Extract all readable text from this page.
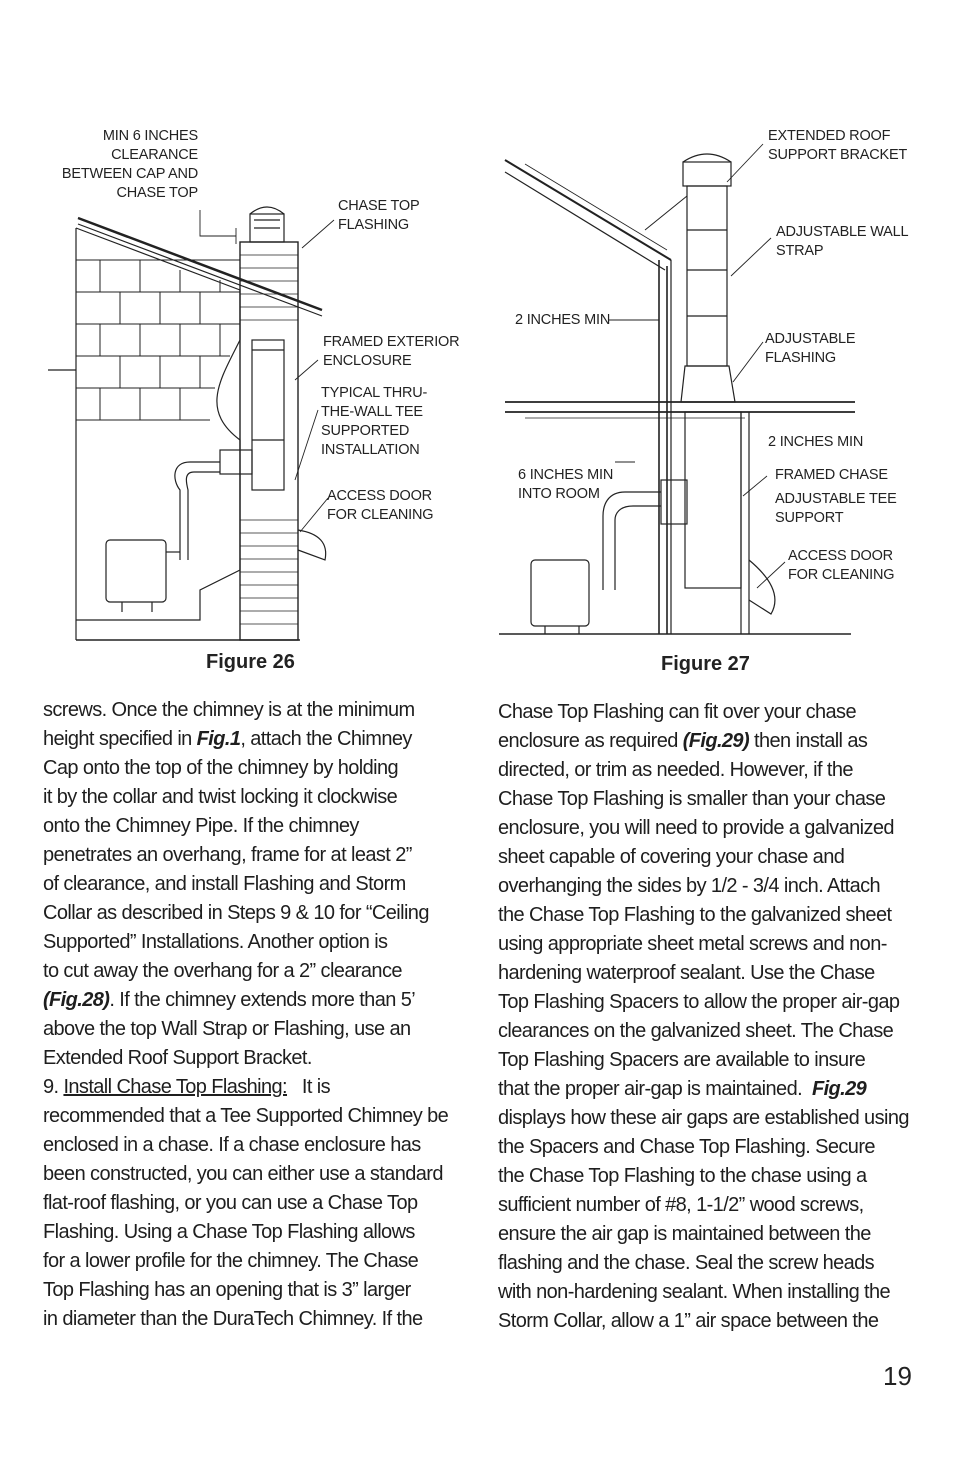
MIN 6 INCHES
CLEARANCE
BETWEEN CAP AND
CHASE TOP
CHASE TOP
FLASHING
FRAMED EXTERIOR
ENCLOSURE
TYPICAL THRU-
THE-WALL TEE
SUPPORTED
INSTALLATION
ACCESS DOOR
FOR CLEANING
Figure 26
EXTENDED ROOF
SUPPORT BRACKET
ADJUSTABLE WALL
STRAP
2 INCHES MIN
ADJUSTABLE
FLASHING
2 INCHES MIN
6 INCHES MIN
INTO ROOM
FRAMED CHASE
ADJUSTABLE TEE
SUPPORT
ACCESS DOOR
FOR CLEANING
Figure 27

screws. Once the chimney is at the minimum

height specified in Fig.1, attach the Chimney

Cap onto the top of the chimney by holding

it by the collar and twist locking it clockwise

onto the Chimney Pipe. If the chimney

penetrates an overhang, frame for at least 2”

of clearance, and install Flashing and Storm

Collar as described in Steps 9 & 10 for “Ceiling

Supported” Installations. Another option is

to cut away the overhang for a 2” clearance

(Fig.28). If the chimney extends more than 5’

above the top Wall Strap or Flashing, use an

Extended Roof Support Bracket.

9. Install Chase Top Flashing:   It is

recommended that a Tee Supported Chimney be

enclosed in a chase. If a chase enclosure has

been constructed, you can either use a standard

flat-roof flashing, or you can use a Chase Top

Flashing. Using a Chase Top Flashing allows

for a lower profile for the chimney. The Chase

Top Flashing has an opening that is 3” larger

in diameter than the DuraTech Chimney. If the

Chase Top Flashing can fit over your chase

enclosure as required (Fig.29) then install as

directed, or trim as needed. However, if the

Chase Top Flashing is smaller than your chase

enclosure, you will need to provide a galvanized

sheet capable of covering your chase and

overhanging the sides by 1/2 - 3/4 inch. Attach

the Chase Top Flashing to the galvanized sheet

using appropriate sheet metal screws and non-

hardening waterproof sealant. Use the Chase

Top Flashing Spacers to allow the proper air-gap

clearances on the galvanized sheet. The Chase

Top Flashing Spacers are available to insure

that the proper air-gap is maintained.  Fig.29

displays how these air gaps are established using

the Spacers and Chase Top Flashing. Secure

the Chase Top Flashing to the chase using a

sufficient number of #8, 1-1/2” wood screws,

ensure the air gap is maintained between the

flashing and the chase. Seal the screw heads

with non-hardening sealant. When installing the

Storm Collar, allow a 1” air space between the

19
